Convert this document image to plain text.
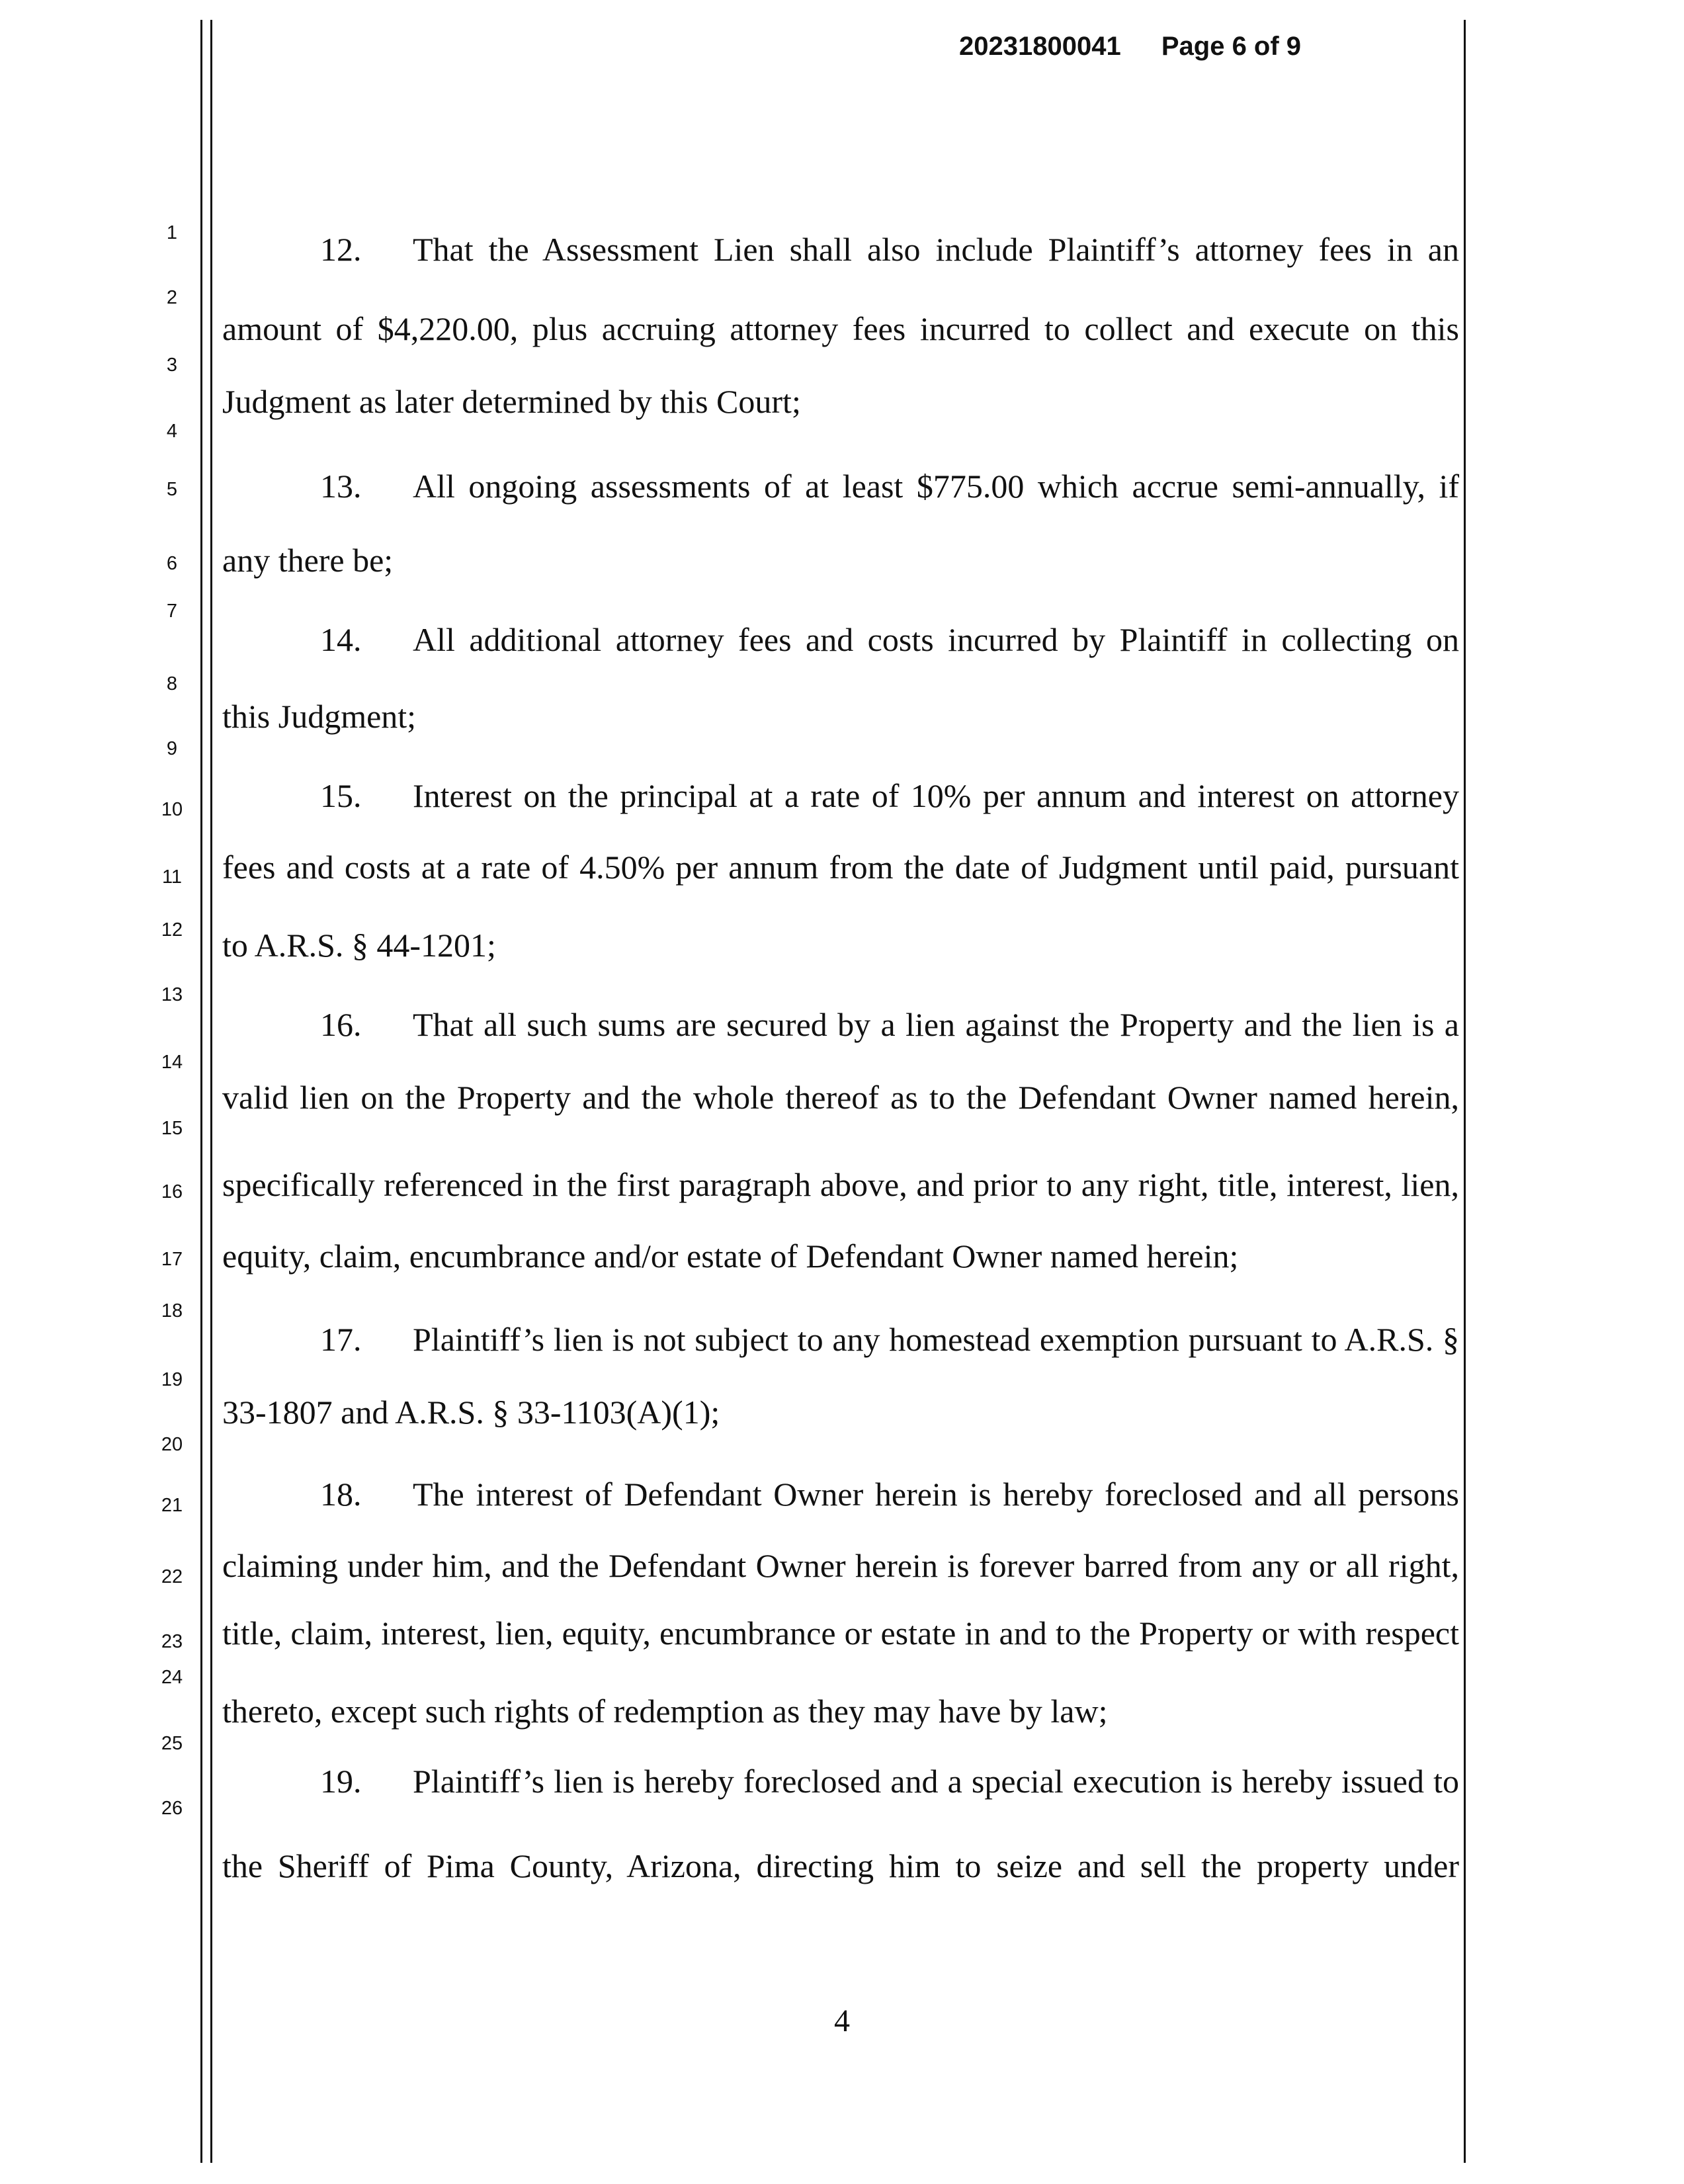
20231800041 Page 6 of 9
1
2
3
4
5
6
7
8
9
10
11
12
13
14
15
16
17
18
19
20
21
22
23
24
25
26
12. That the Assessment Lien shall also include Plaintiff’s attorney fees in an
amount of $4,220.00, plus accruing attorney fees incurred to collect and execute on this
Judgment as later determined by this Court;
13. All ongoing assessments of at least $775.00 which accrue semi-annually, if
any there be;
14. All additional attorney fees and costs incurred by Plaintiff in collecting on
this Judgment;
15. Interest on the principal at a rate of 10% per annum and interest on attorney
fees and costs at a rate of 4.50% per annum from the date of Judgment until paid, pursuant
to A.R.S. § 44-1201;
16. That all such sums are secured by a lien against the Property and the lien is a
valid lien on the Property and the whole thereof as to the Defendant Owner named herein,
specifically referenced in the first paragraph above, and prior to any right, title, interest, lien,
equity, claim, encumbrance and/or estate of Defendant Owner named herein;
17. Plaintiff’s lien is not subject to any homestead exemption pursuant to A.R.S. §
33-1807 and A.R.S. § 33-1103(A)(1);
18. The interest of Defendant Owner herein is hereby foreclosed and all persons
claiming under him, and the Defendant Owner herein is forever barred from any or all right,
title, claim, interest, lien, equity, encumbrance or estate in and to the Property or with respect
thereto, except such rights of redemption as they may have by law;
19. Plaintiff’s lien is hereby foreclosed and a special execution is hereby issued to
the Sheriff of Pima County, Arizona, directing him to seize and sell the property under
4
